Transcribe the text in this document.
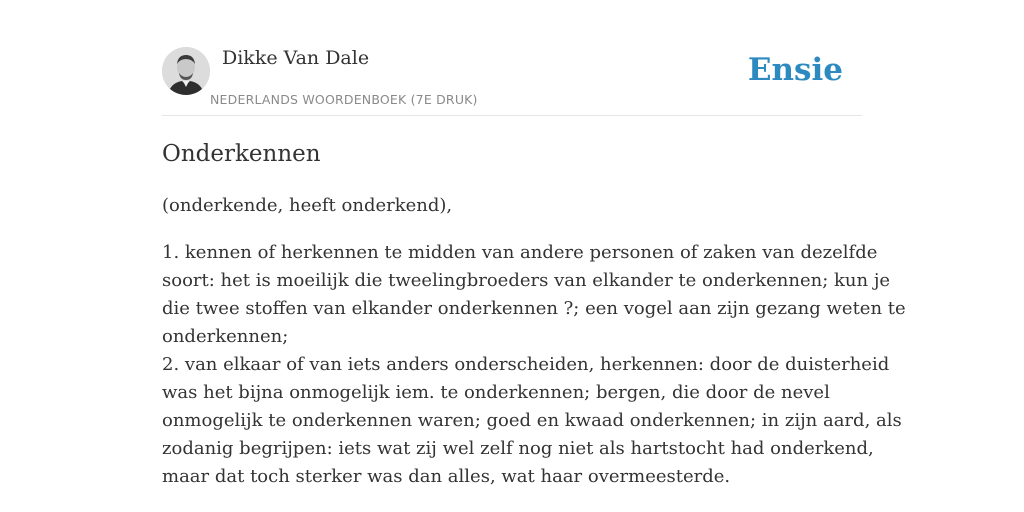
Dikke Van Dale
NEDERLANDS WOORDENBOEK (7E DRUK)
Ensie
Onderkennen
(onderkende, heeft onderkend),
1. kennen of herkennen te midden van andere personen of zaken van dezelfde
soort: het is moeilijk die tweelingbroeders van elkander te onderkennen; kun je
die twee stoffen van elkander onderkennen ?; een vogel aan zijn gezang weten te
onderkennen;
2. van elkaar of van iets anders onderscheiden, herkennen: door de duisterheid
was het bijna onmogelijk iem. te onderkennen; bergen, die door de nevel
onmogelijk te onderkennen waren; goed en kwaad onderkennen; in zijn aard, als
zodanig begrijpen: iets wat zij wel zelf nog niet als hartstocht had onderkend,
maar dat toch sterker was dan alles, wat haar overmeesterde.
